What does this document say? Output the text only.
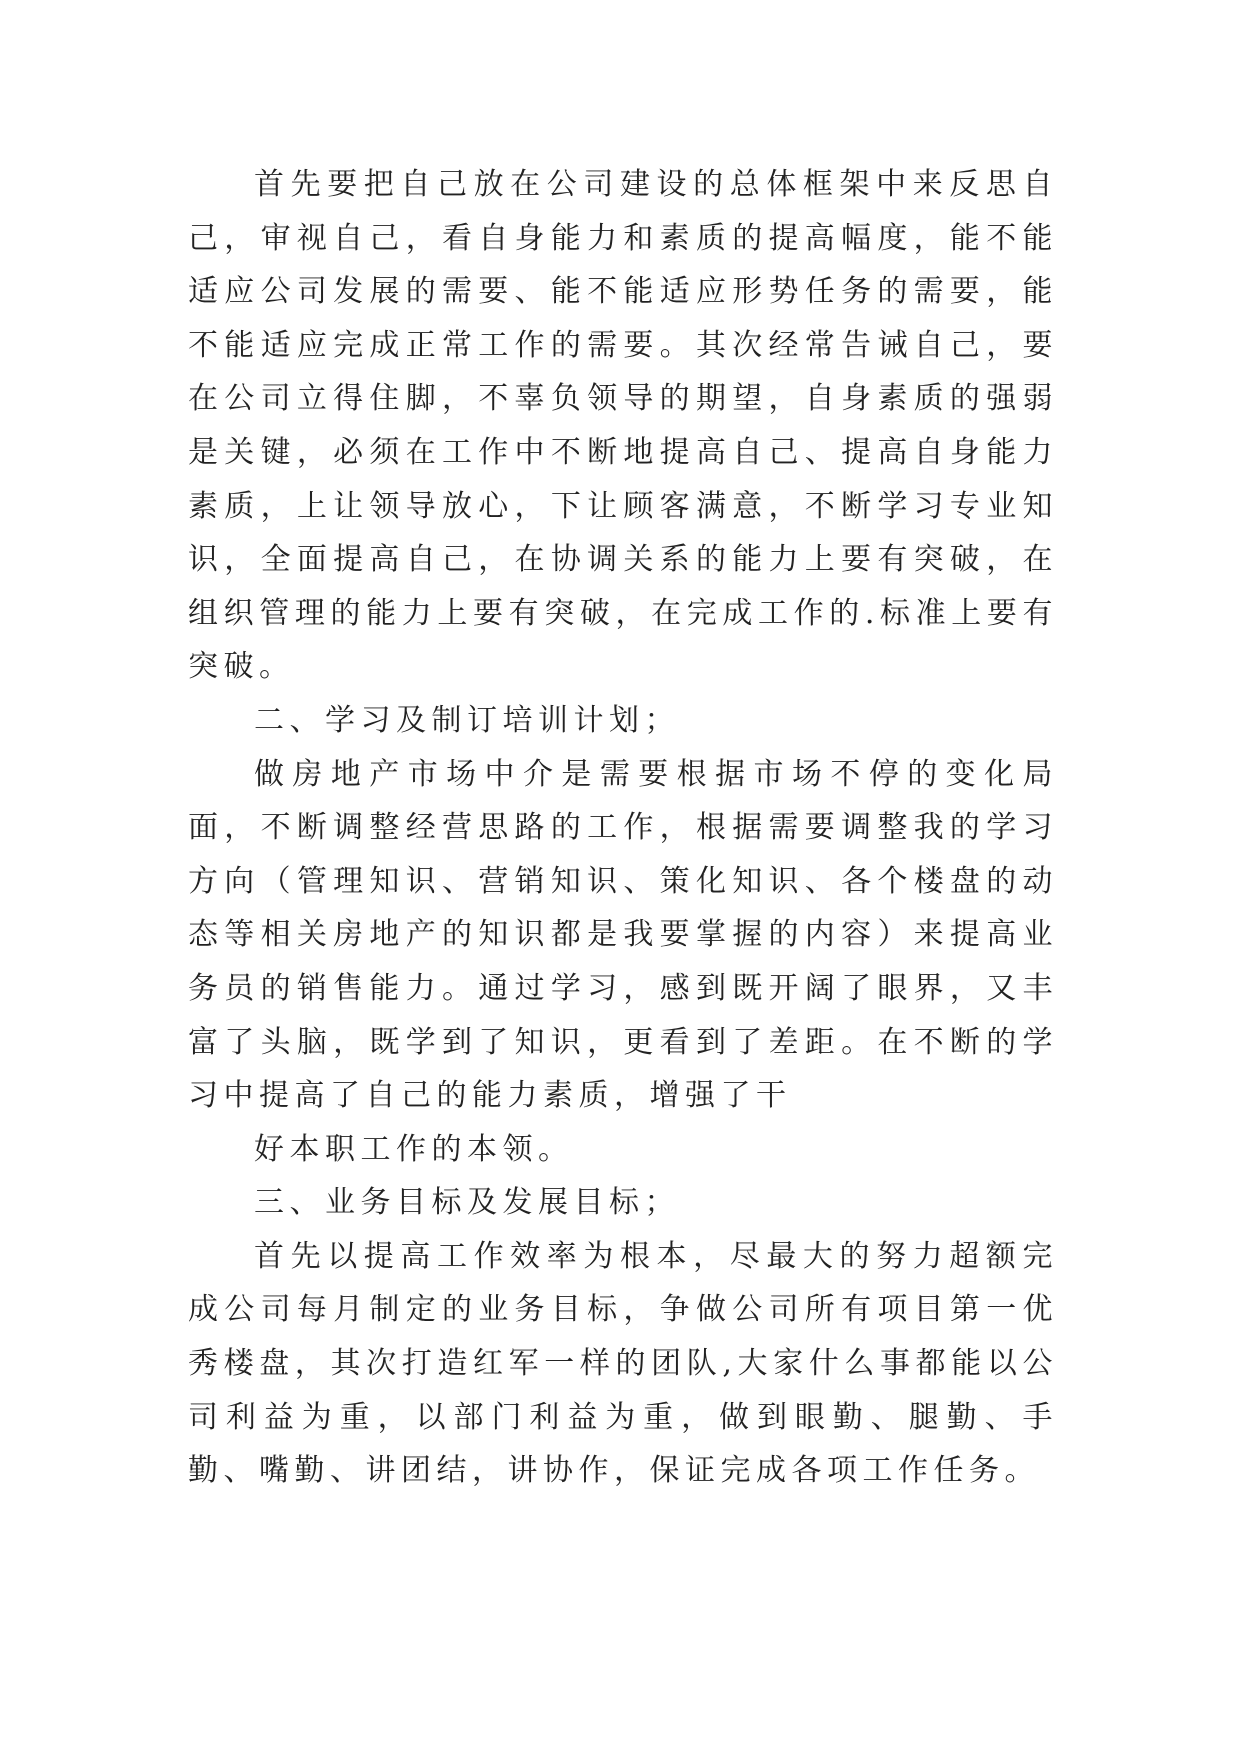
首先要把自己放在公司建设的总体框架中来反思自己，审视自己，看自身能力和素质的提高幅度，能不能适应公司发展的需要、能不能适应形势任务的需要，能不能适应完成正常工作的需要。其次经常告诫自己，要在公司立得住脚，不辜负领导的期望，自身素质的强弱是关键，必须在工作中不断地提高自己、提高自身能力素质，上让领导放心，下让顾客满意，不断学习专业知识，全面提高自己，在协调关系的能力上要有突破，在组织管理的能力上要有突破，在完成工作的.标准上要有突破。

二、学习及制订培训计划；

做房地产市场中介是需要根据市场不停的变化局面，不断调整经营思路的工作，根据需要调整我的学习方向（管理知识、营销知识、策化知识、各个楼盘的动态等相关房地产的知识都是我要掌握的内容）来提高业务员的销售能力。通过学习，感到既开阔了眼界，又丰富了头脑，既学到了知识，更看到了差距。在不断的学习中提高了自己的能力素质，增强了干

好本职工作的本领。

三、业务目标及发展目标；

首先以提高工作效率为根本，尽最大的努力超额完成公司每月制定的业务目标，争做公司所有项目第一优秀楼盘，其次打造红军一样的团队,大家什么事都能以公司利益为重，以部门利益为重，做到眼勤、腿勤、手勤、嘴勤、讲团结，讲协作，保证完成各项工作任务。
